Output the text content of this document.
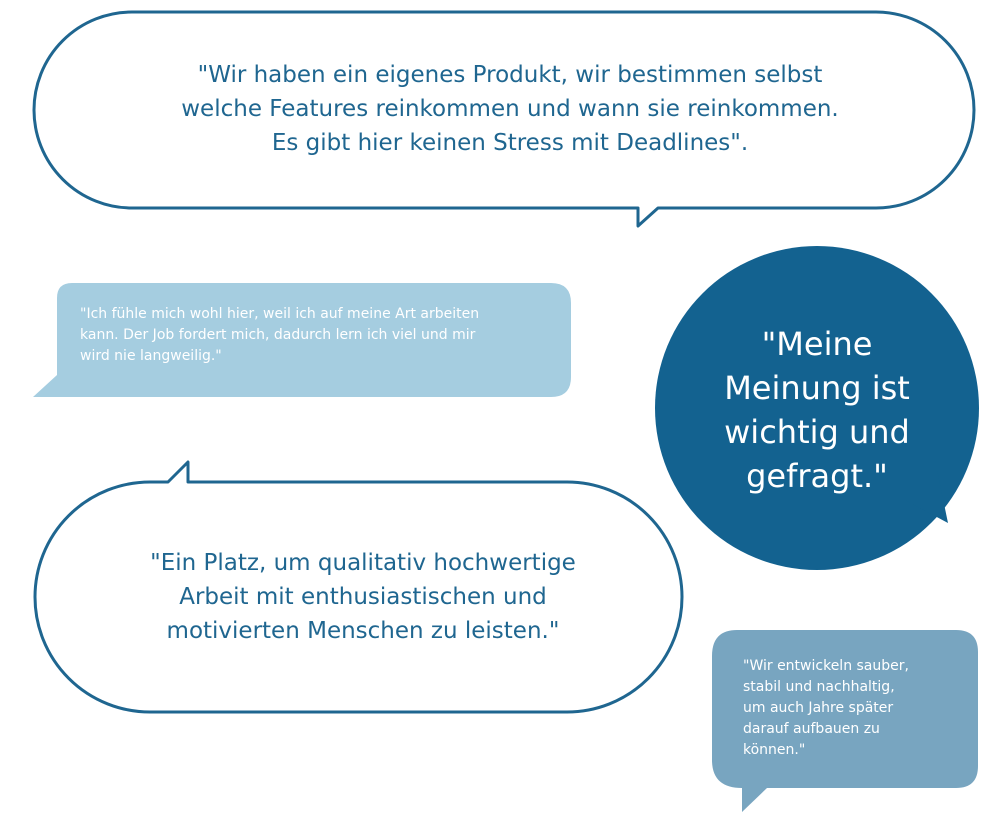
"Wir haben ein eigenes Produkt, wir bestimmen selbst
welche Features reinkommen und wann sie reinkommen.
Es gibt hier keinen Stress mit Deadlines".

"Ich fühle mich wohl hier, weil ich auf meine Art arbeiten
kann. Der Job fordert mich, dadurch lern ich viel und mir
wird nie langweilig."	"Meine
Meinung ist
wichtig und
gefragt."

"Ein Platz, um qualitativ hochwertige
Arbeit mit enthusiastischen und
motivierten Menschen zu leisten."

"Wir entwickeln sauber,
stabil und nachhaltig,
um auch Jahre später
darauf aufbauen zu
können."
